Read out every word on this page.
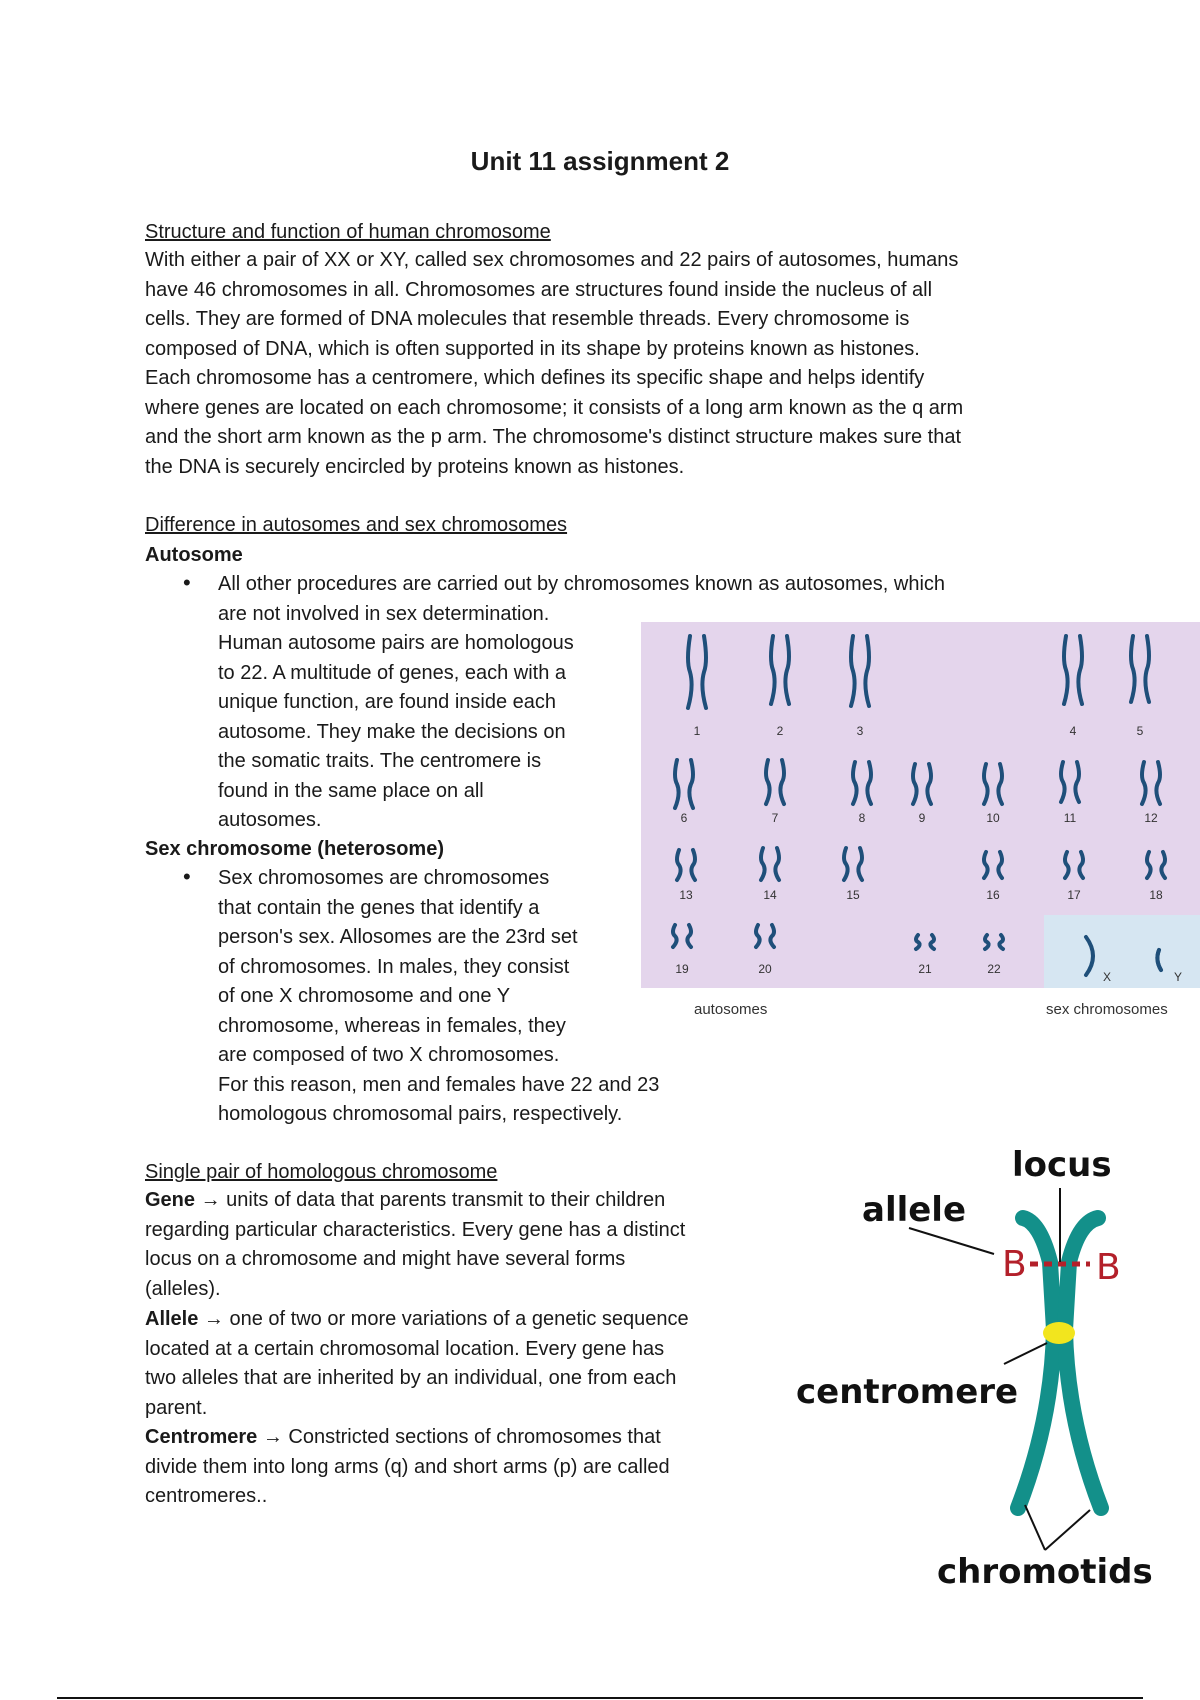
Unit 11 assignment 2
Structure and function of human chromosome
With either a pair of XX or XY, called sex chromosomes and 22 pairs of autosomes, humans
have 46 chromosomes in all. Chromosomes are structures found inside the nucleus of all
cells. They are formed of DNA molecules that resemble threads. Every chromosome is
composed of DNA, which is often supported in its shape by proteins known as histones.
Each chromosome has a centromere, which defines its specific shape and helps identify
where genes are located on each chromosome; it consists of a long arm known as the q arm
and the short arm known as the p arm. The chromosome's distinct structure makes sure that
the DNA is securely encircled by proteins known as histones.
Difference in autosomes and sex chromosomes
Autosome
• All other procedures are carried out by chromosomes known as autosomes, which
are not involved in sex determination.
Human autosome pairs are homologous
to 22. A multitude of genes, each with a
unique function, are found inside each
autosome. They make the decisions on
the somatic traits. The centromere is
found in the same place on all
autosomes.
Sex chromosome (heterosome)
• Sex chromosomes are chromosomes
that contain the genes that identify a
person's sex. Allosomes are the 23rd set
of chromosomes. In males, they consist
of one X chromosome and one Y
chromosome, whereas in females, they
are composed of two X chromosomes.
For this reason, men and females have 22 and 23
homologous chromosomal pairs, respectively.
1	2	3	4	5
6	7	8	9	10	11	12
13	14	15	16	17	18
19	20	21	22
X	Y
autosomes	sex chromosomes
Single pair of homologous chromosome
Gene → units of data that parents transmit to their children
regarding particular characteristics. Every gene has a distinct
locus on a chromosome and might have several forms
(alleles).
Allele → one of two or more variations of a genetic sequence
located at a certain chromosomal location. Every gene has
two alleles that are inherited by an individual, one from each
parent.
Centromere → Constricted sections of chromosomes that
divide them into long arms (q) and short arms (p) are called
centromeres..
locus
allele
B B
centromere
chromotids
